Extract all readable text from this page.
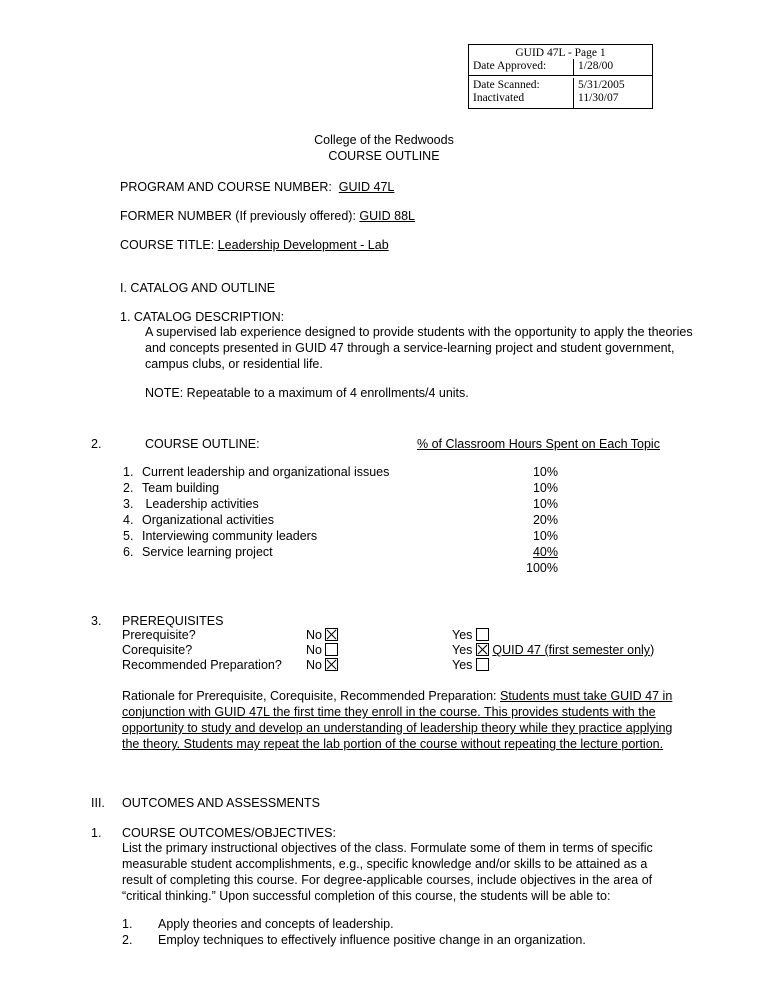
GUID 47L - Page 1
Date Approved:	1/28/00
Date Scanned:	5/31/2005
Inactivated	11/30/07
College of the Redwoods
COURSE OUTLINE
PROGRAM AND COURSE NUMBER: GUID 47L
FORMER NUMBER (If previously offered): GUID 88L
COURSE TITLE: Leadership Development - Lab
I. CATALOG AND OUTLINE
1. CATALOG DESCRIPTION:
A supervised lab experience designed to provide students with the opportunity to apply the theories
and concepts presented in GUID 47 through a service-learning project and student government,
campus clubs, or residential life.
NOTE: Repeatable to a maximum of 4 enrollments/4 units.
2.	COURSE OUTLINE:	% of Classroom Hours Spent on Each Topic
1. Current leadership and organizational issues	10%
2. Team building	10%
3. Leadership activities	10%
4. Organizational activities	20%
5. Interviewing community leaders	10%
6. Service learning project	40%
100%
3. PREREQUISITES
Prerequisite?	No	Yes
Corequisite?	No	Yes QUID 47 (first semester only)
Recommended Preparation? No	Yes
Rationale for Prerequisite, Corequisite, Recommended Preparation: Students must take GUID 47 in conjunction with GUID 47L the first time they enroll in the course. This provides students with the opportunity to study and develop an understanding of leadership theory while they practice applying the theory. Students may repeat the lab portion of the course without repeating the lecture portion.
III. OUTCOMES AND ASSESSMENTS
1. COURSE OUTCOMES/OBJECTIVES:
List the primary instructional objectives of the class. Formulate some of them in terms of specific
measurable student accomplishments, e.g., specific knowledge and/or skills to be attained as a
result of completing this course. For degree-applicable courses, include objectives in the area of
“critical thinking.” Upon successful completion of this course, the students will be able to:
1. Apply theories and concepts of leadership.
2. Employ techniques to effectively influence positive change in an organization.
